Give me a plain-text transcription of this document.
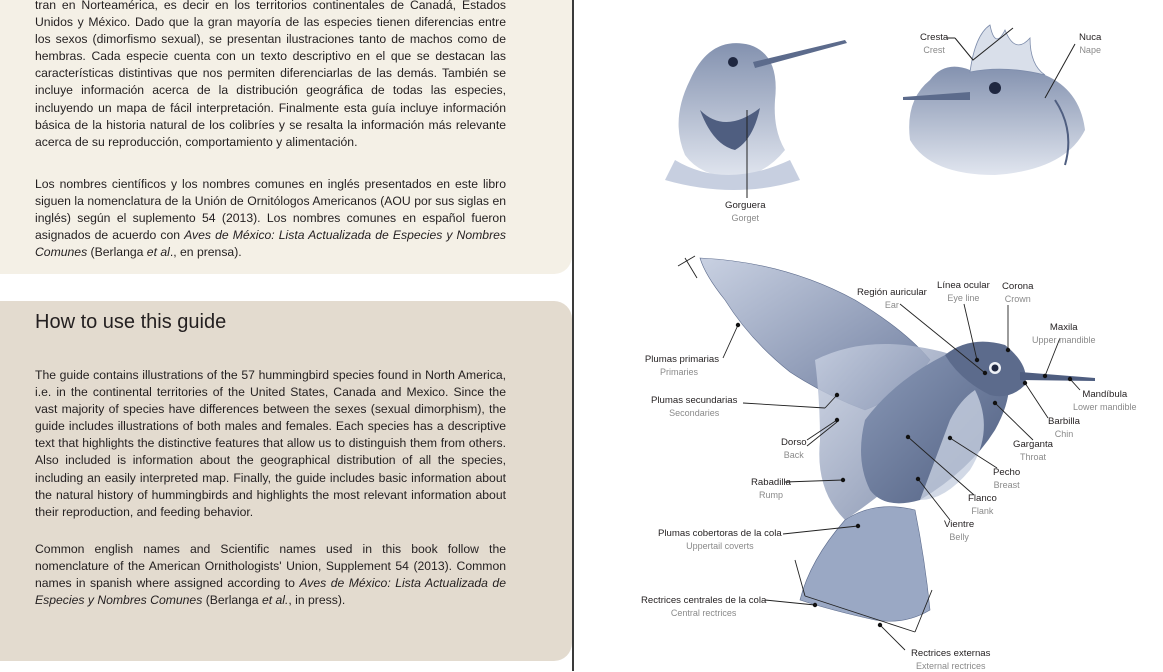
tran en Norteamérica, es decir en los territorios continentales de Canadá, Estados Unidos y México. Dado que la gran mayoría de las especies tienen diferencias entre los sexos (dimorfismo sexual), se presentan ilustraciones tanto de machos como de hembras. Cada especie cuenta con un texto descriptivo en el que se destacan las características distintivas que nos permiten diferenciarlas de las demás. También se incluye información acerca de la distribución geográfica de todas las especies, incluyendo un mapa de fácil interpretación. Finalmente esta guía incluye información básica de la historia natural de los colibríes y se resalta la información más relevante acerca de su reproducción, comportamiento y alimentación.

Los nombres científicos y los nombres comunes en inglés presentados en este libro siguen la nomenclatura de la Unión de Ornitólogos Americanos (AOU por sus siglas en inglés) según el suplemento 54 (2013). Los nombres comunes en español fueron asignados de acuerdo con Aves de México: Lista Actualizada de Especies y Nombres Comunes (Berlanga et al., en prensa).

How to use this guide

The guide contains illustrations of the 57 hummingbird species found in North America, i.e. in the continental territories of the United States, Canada and Mexico. Since the vast majority of species have differences between the sexes (sexual dimorphism), the guide includes illustrations of both males and females. Each species has a descriptive text that highlights the distinctive features that allow us to distinguish them from others. Also included is information about the geographical distribution of all the species, including an easily interpreted map. Finally, the guide includes basic information about the natural history of hummingbirds and highlights the most relevant information about their reproduction, and feeding behavior.

Common english names and Scientific names used in this book follow the nomenclature of the American Ornithologists' Union, Supplement 54 (2013). Common names in spanish where assigned according to Aves de México: Lista Actualizada de Especies y Nombres Comunes (Berlanga et al., in press).

Gorguera
Gorget
Cresta
Crest
Nuca
Nape
Región auricular
Ear
Línea ocular
Eye line
Corona
Crown
Maxila
Upper mandible
Mandíbula
Lower mandible
Barbilla
Chin
Garganta
Throat
Pecho
Breast
Flanco
Flank
Vientre
Belly
Plumas primarias
Primaries
Plumas secundarias
Secondaries
Dorso
Back
Rabadilla
Rump
Plumas cobertoras de la cola
Uppertail coverts
Rectrices centrales de la cola
Central rectrices
Rectrices externas
External rectrices
